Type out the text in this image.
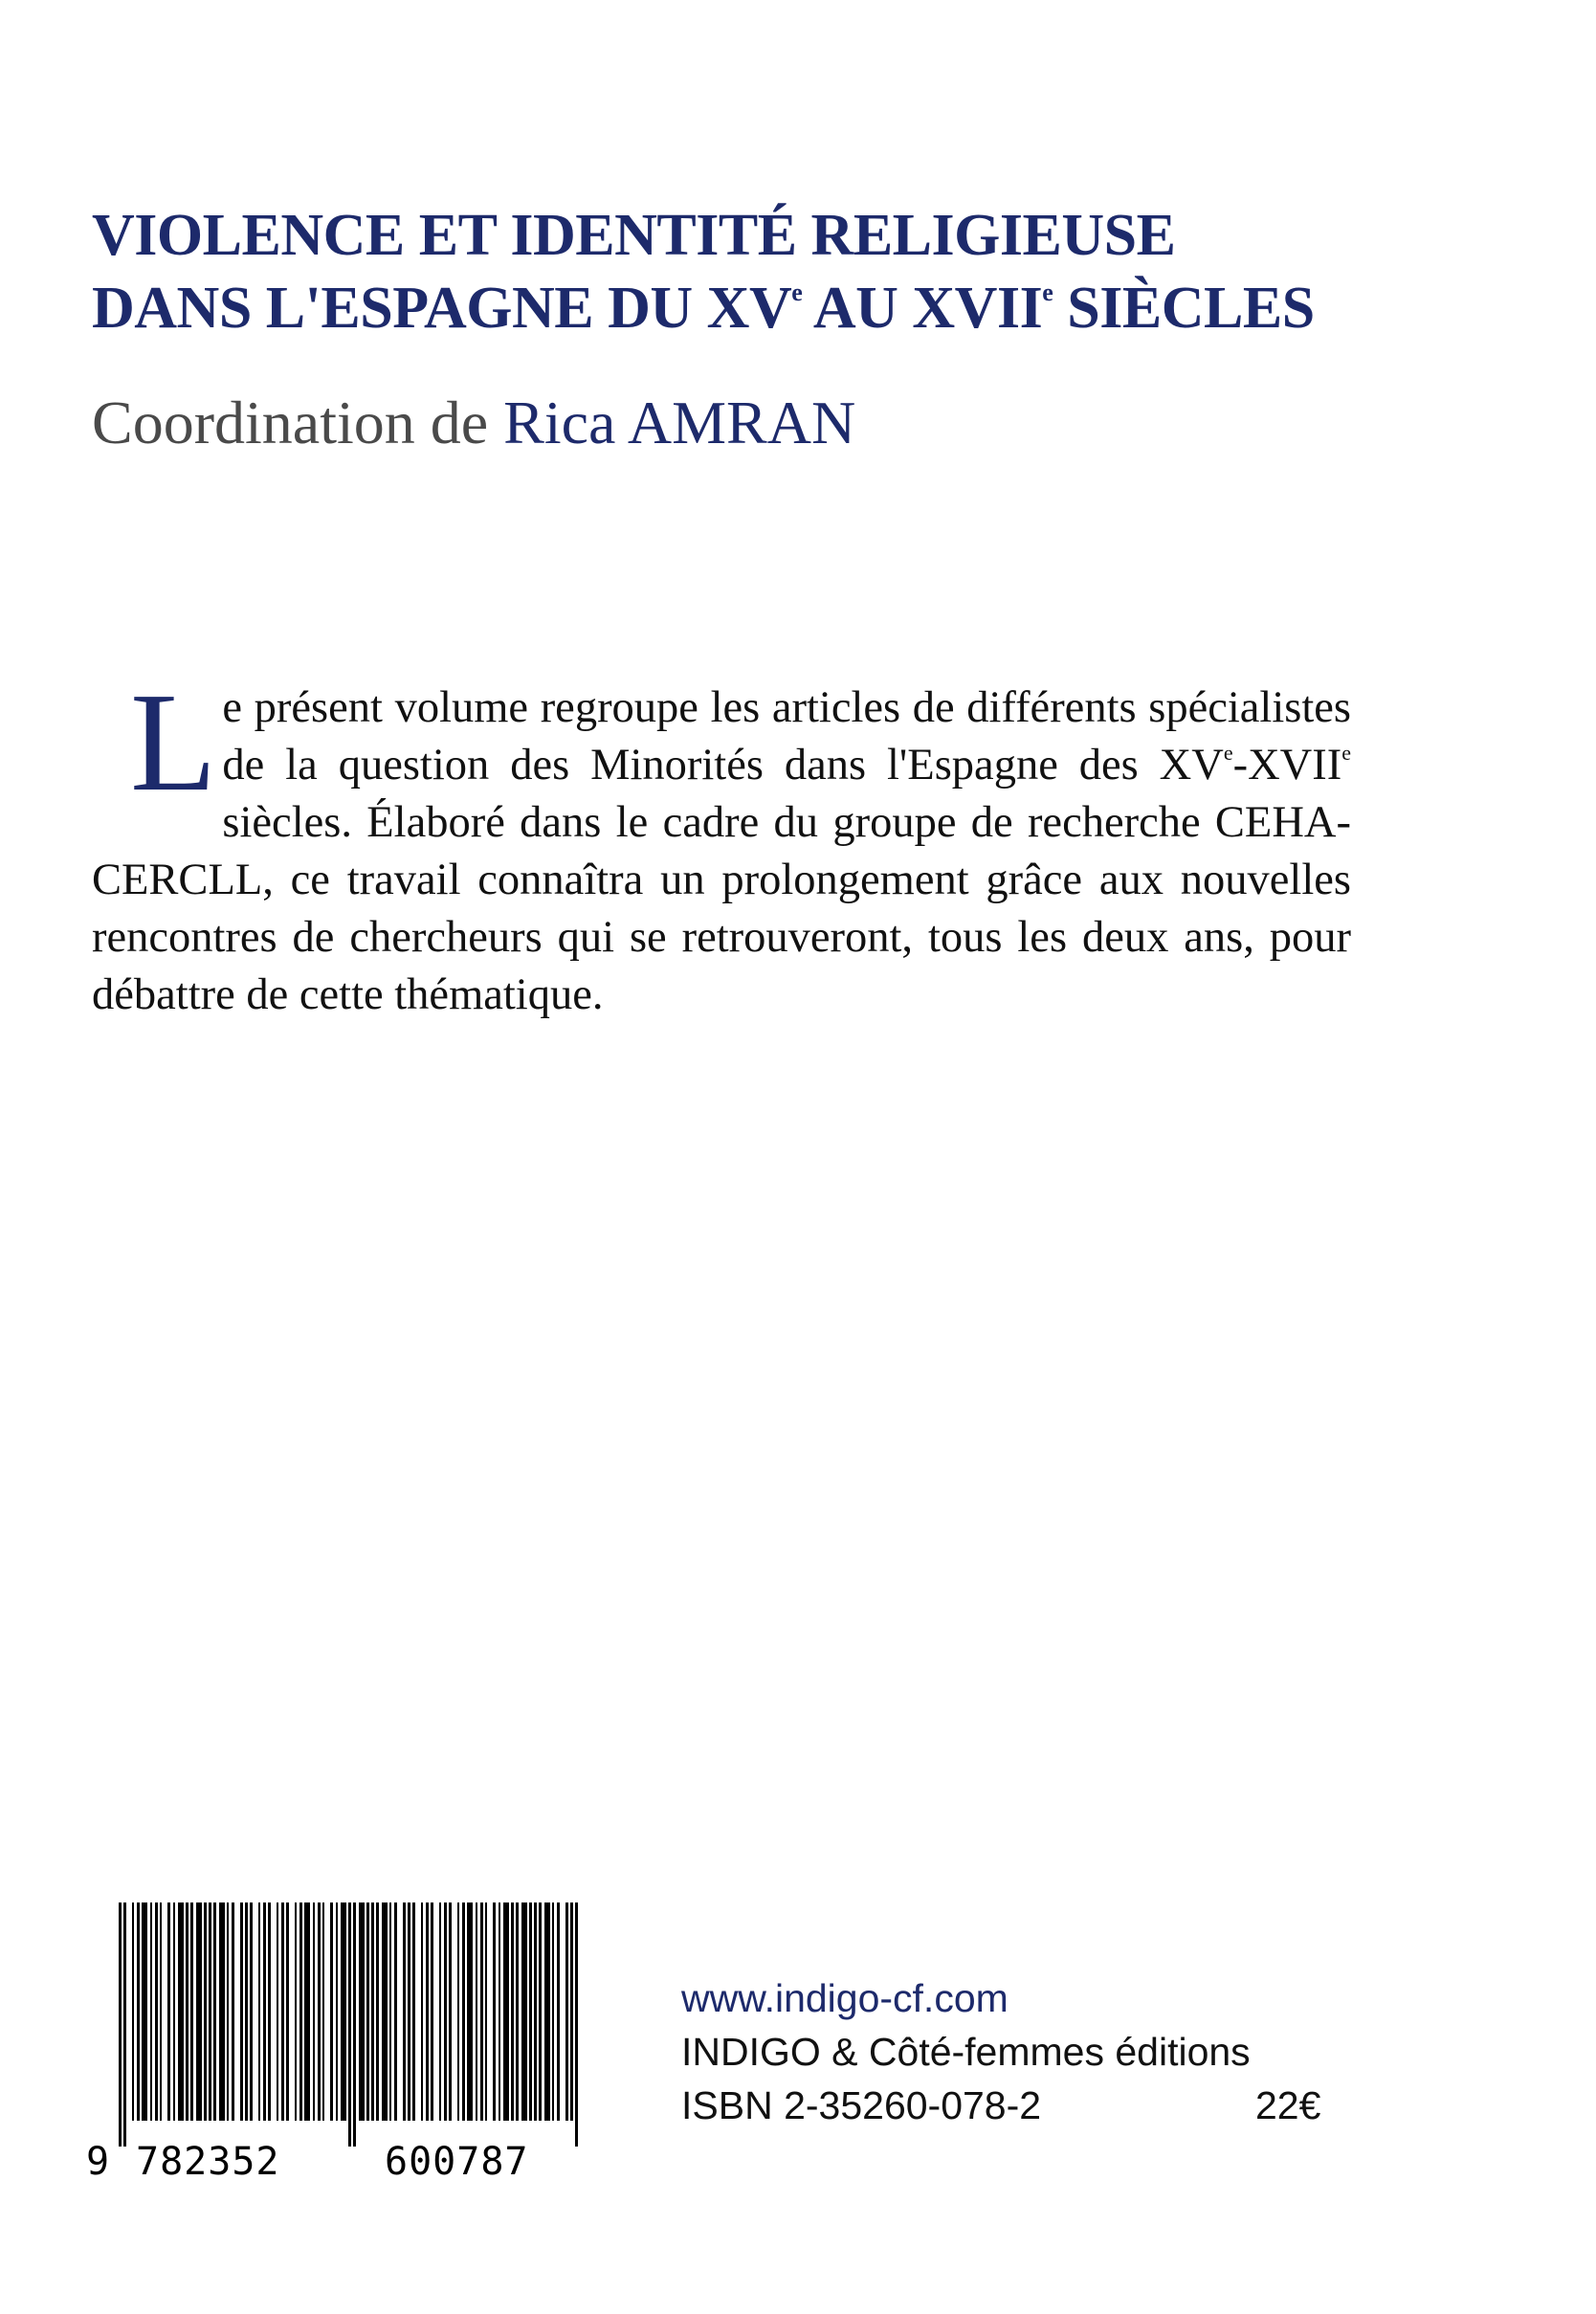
VIOLENCE ET IDENTITÉ RELIGIEUSE
DANS L'ESPAGNE DU XVe AU XVIIe SIÈCLES
Coordination de Rica AMRAN
Le présent volume regroupe les articles de différents spécialistes de la question des Minorités dans l'Espagne des XVe-XVIIe siècles. Élaboré dans le cadre du groupe de recherche CEHA-CERCLL, ce travail connaîtra un prolongement grâce aux nouvelles rencontres de chercheurs qui se retrouveront, tous les deux ans, pour débattre de cette thématique.
9 782352	600787
www.indigo-cf.com
INDIGO & Côté-femmes éditions
ISBN 2-35260-078-2	22€
